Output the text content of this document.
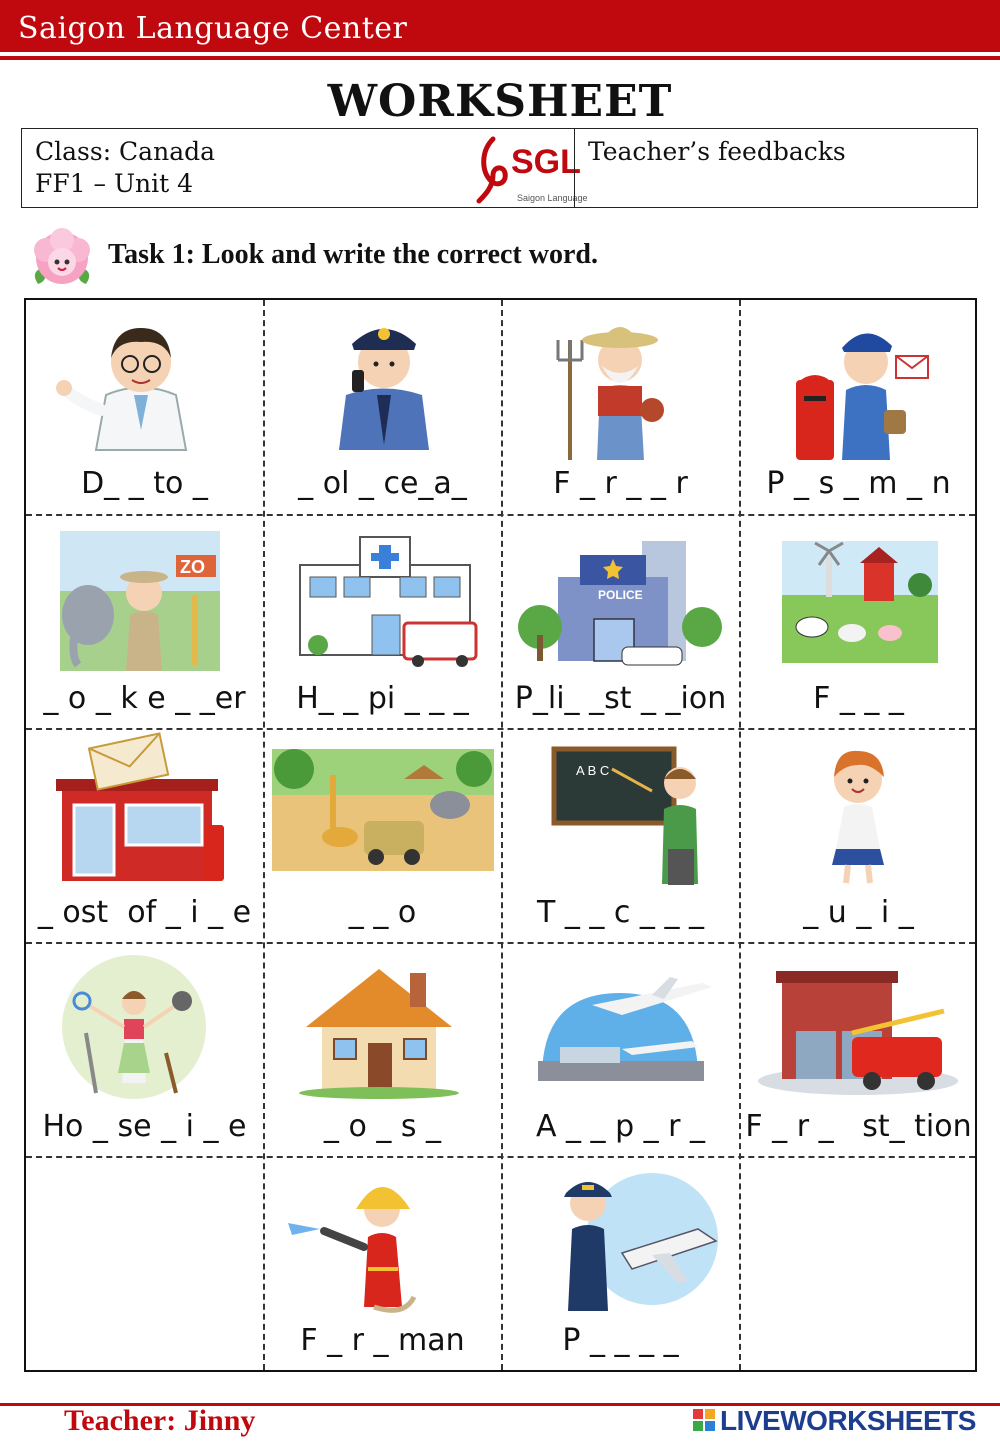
Saigon Language Center
WORKSHEET
Class: Canada
FF1 – Unit 4
SGL
Saigon Language
Teacher’s feedbacks
Task 1: Look and write the correct word.
D_ _ to _	_ ol _ ce_a_	F _ r _ _ r	P _ s _ m _ n
ZO
_ o _ k e _ _er	H_ _ pi _ _ _
POLICE
P_li_ _st _ _ion	F _ _ _
_ ost  of _ i _ e	_ _ o
A B C
T _ _ c _ _ _	_ u _ i _
Ho _ se _ i _ e	_ o _ s _	A _ _ p _ r _	F _ r _   st_ tion
F _ r _ man	P _ _ _ _
Teacher: Jinny	LIVEWORKSHEETS
